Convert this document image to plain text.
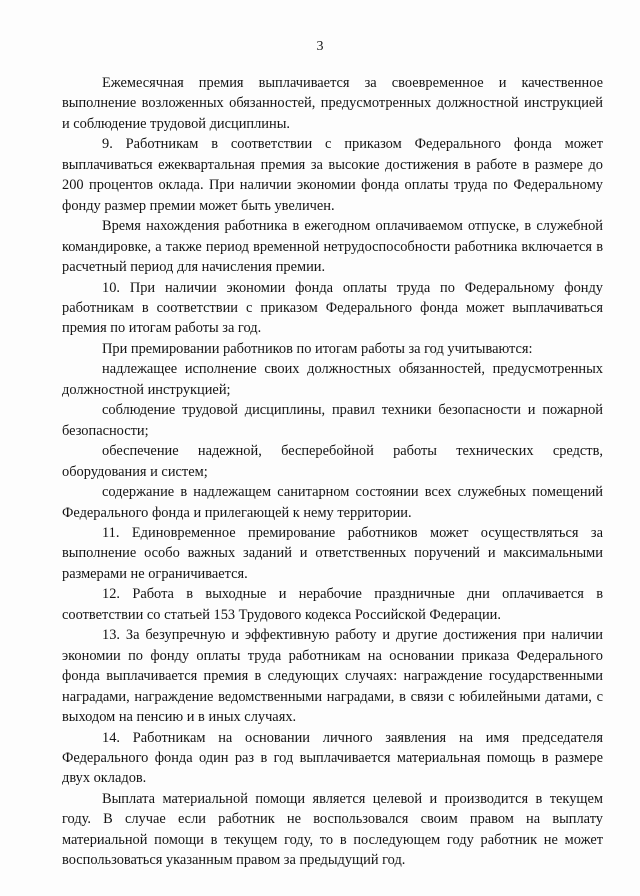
3

Ежемесячная премия выплачивается за своевременное и качественное выполнение возложенных обязанностей, предусмотренных должностной инструкцией и соблюдение трудовой дисциплины.

9. Работникам в соответствии с приказом Федерального фонда может выплачиваться ежеквартальная премия за высокие достижения в работе в размере до 200 процентов оклада. При наличии экономии фонда оплаты труда по Федеральному фонду размер премии может быть увеличен.

Время нахождения работника в ежегодном оплачиваемом отпуске, в служебной командировке, а также период временной нетрудоспособности работника включается в расчетный период для начисления премии.

10. При наличии экономии фонда оплаты труда по Федеральному фонду работникам в соответствии с приказом Федерального фонда может выплачиваться премия по итогам работы за год.

При премировании работников по итогам работы за год учитываются:

надлежащее исполнение своих должностных обязанностей, предусмотренных должностной инструкцией;

соблюдение трудовой дисциплины, правил техники безопасности и пожарной безопасности;

обеспечение надежной, бесперебойной работы технических средств, оборудования и систем;

содержание в надлежащем санитарном состоянии всех служебных помещений Федерального фонда и прилегающей к нему территории.

11. Единовременное премирование работников может осуществляться за выполнение особо важных заданий и ответственных поручений и максимальными размерами не ограничивается.

12. Работа в выходные и нерабочие праздничные дни оплачивается в соответствии со статьей 153 Трудового кодекса Российской Федерации.

13. За безупречную и эффективную работу и другие достижения при наличии экономии по фонду оплаты труда работникам на основании приказа Федерального фонда выплачивается премия в следующих случаях: награждение государственными наградами, награждение ведомственными наградами, в связи с юбилейными датами, с выходом на пенсию и в иных случаях.

14. Работникам на основании личного заявления на имя председателя Федерального фонда один раз в год выплачивается материальная помощь в размере двух окладов.

Выплата материальной помощи является целевой и производится в текущем году. В случае если работник не воспользовался своим правом на выплату материальной помощи в текущем году, то в последующем году работник не может воспользоваться указанным правом за предыдущий год.
